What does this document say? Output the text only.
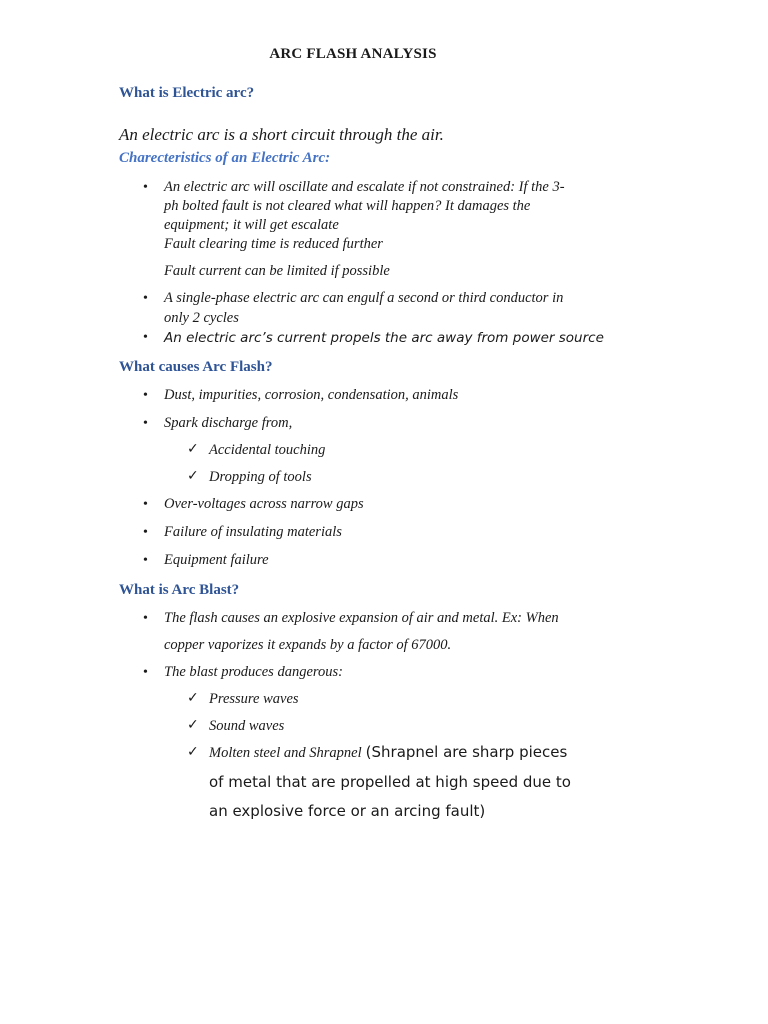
ARC FLASH ANALYSIS
What is Electric arc?
An electric arc is a short circuit through the air.
Charecteristics of an Electric Arc:
• An electric arc will oscillate and escalate if not constrained: If the 3-
ph bolted fault is not cleared what will happen? It damages the
equipment; it will get escalate
Fault clearing time is reduced further
Fault current can be limited if possible
• A single-phase electric arc can engulf a second or third conductor in
only 2 cycles
• An electric arc’s current propels the arc away from power source
What causes Arc Flash?
• Dust, impurities, corrosion, condensation, animals
• Spark discharge from,
✓ Accidental touching
✓ Dropping of tools
• Over-voltages across narrow gaps
• Failure of insulating materials
• Equipment failure
What is Arc Blast?
• The flash causes an explosive expansion of air and metal. Ex: When
copper vaporizes it expands by a factor of 67000.
• The blast produces dangerous:
✓ Pressure waves
✓ Sound waves
✓ Molten steel and Shrapnel (Shrapnel are sharp pieces
of metal that are propelled at high speed due to
an explosive force or an arcing fault)
